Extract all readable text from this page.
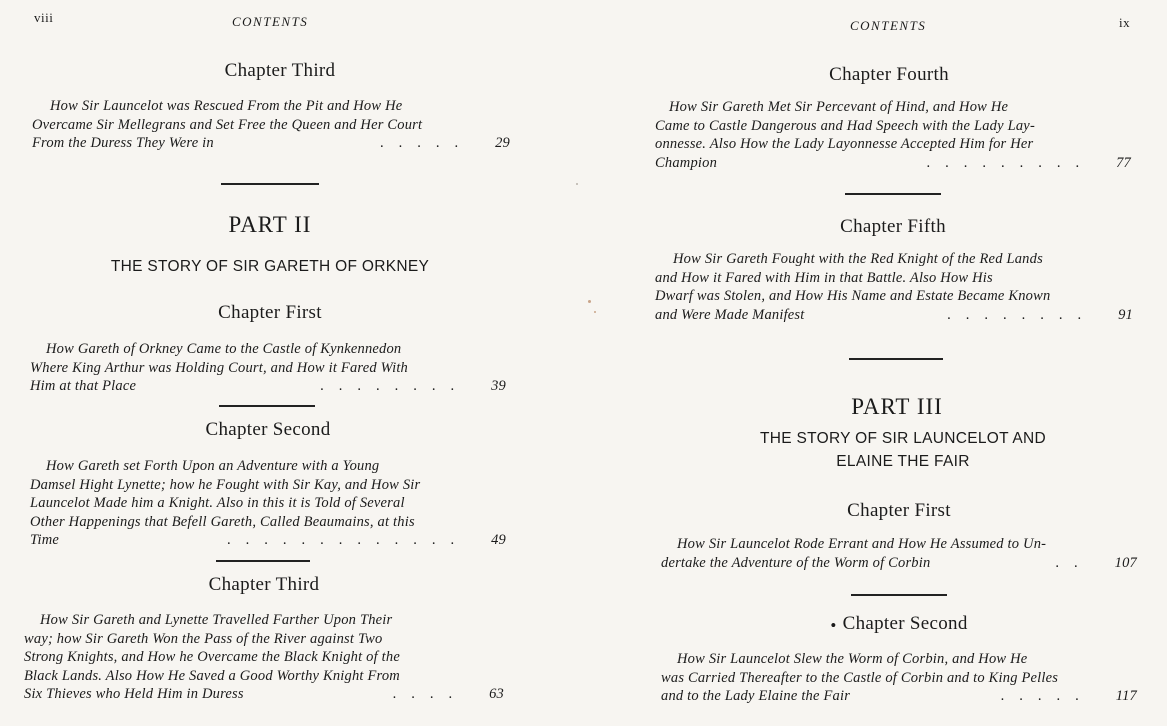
viii	CONTENTS
Chapter Third
How Sir Launcelot was Rescued From the Pit and How He
Overcame Sir Mellegrans and Set Free the Queen and Her Court
From the Duress They Were in	.....	29
PART II
THE STORY OF SIR GARETH OF ORKNEY
Chapter First
How Gareth of Orkney Came to the Castle of Kynkennedon
Where King Arthur was Holding Court, and How it Fared With
Him at that Place	........	39
Chapter Second
How Gareth set Forth Upon an Adventure with a Young
Damsel Hight Lynette; how he Fought with Sir Kay, and How Sir
Launcelot Made him a Knight. Also in this it is Told of Several
Other Happenings that Befell Gareth, Called Beaumains, at this
Time	.............	49
Chapter Third
How Sir Gareth and Lynette Travelled Farther Upon Their
way; how Sir Gareth Won the Pass of the River against Two
Strong Knights, and How he Overcame the Black Knight of the
Black Lands. Also How He Saved a Good Worthy Knight From
Six Thieves who Held Him in Duress	....	63
CONTENTS	ix
Chapter Fourth
How Sir Gareth Met Sir Percevant of Hind, and How He
Came to Castle Dangerous and Had Speech with the Lady Lay-
onnesse. Also How the Lady Layonnesse Accepted Him for Her
Champion	.........	77
Chapter Fifth
How Sir Gareth Fought with the Red Knight of the Red Lands
and How it Fared with Him in that Battle. Also How His
Dwarf was Stolen, and How His Name and Estate Became Known
and Were Made Manifest	........	91
PART III
THE STORY OF SIR LAUNCELOT AND
ELAINE THE FAIR
Chapter First
How Sir Launcelot Rode Errant and How He Assumed to Un-
dertake the Adventure of the Worm of Corbin	..	107
• Chapter Second
How Sir Launcelot Slew the Worm of Corbin, and How He
was Carried Thereafter to the Castle of Corbin and to King Pelles
and to the Lady Elaine the Fair	.....	117
